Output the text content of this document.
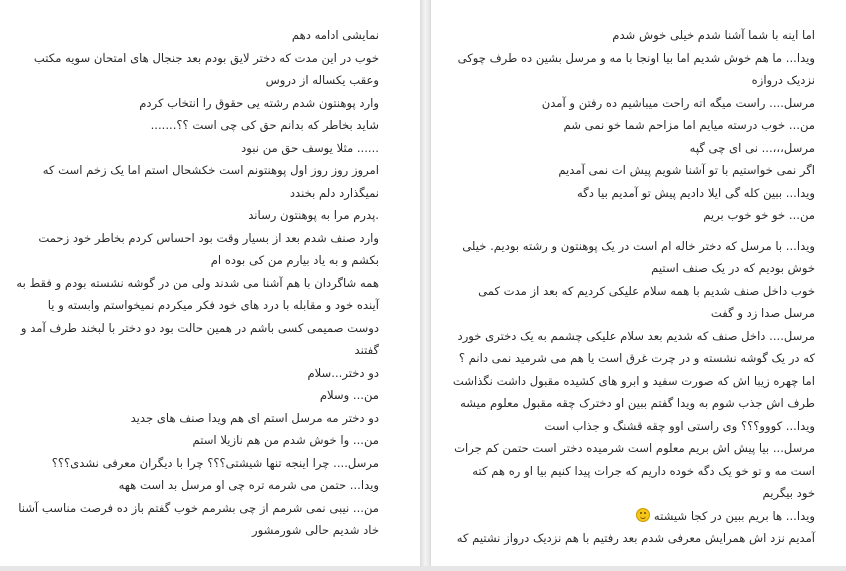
نمایشی ادامه دهم
خوب در این مدت که دختر لایق بودم بعد جنجال های امتحان سویه مکتب
وعقب یکساله از دروس
وارد پوهنتون شدم رشته یی حقوق را انتخاب کردم
شاید بخاطر که بدانم حق کی چی است ؟؟.......
...... مثلا یوسف حق من نبود
امروز روز روز اول پوهنتونم است خکشحال استم اما یک زخم است که
نمیگذارد دلم بخندد
.پدرم مرا به پوهنتون رساند
وارد صنف شدم بعد از بسیار وقت بود احساس کردم بخاطر خود زحمت
بکشم و به یاد بیارم من کی بوده ام
همه شاگردان با هم آشنا می شدند ولی من در گوشه نشسته بودم و فقط به
آینده خود و مقابله با درد های خود فکر میکردم نمیخواستم وابسته و یا
دوست صمیمی کسی باشم در همین حالت بود دو دختر با لبخند طرف آمد و
گفتند
دو دختر...سلام
من... وسلام
دو دختر مه مرسل استم ای هم ویدا صنف های جدید
من... وا خوش شدم من هم نازیلا استم
مرسل.... چرا اینجه تنها شیشتی؟؟؟ چرا با دیگران معرفی نشدی؟؟؟
ویدا... حتمن می شرمه تره چی او مرسل بد است ههه
من... نیبی نمی شرمم از چی بشرمم خوب گفتم باز ده فرصت مناسب آشنا
خاد شدیم حالی شورمشور
اما اینه با شما آشنا شدم خیلی خوش شدم
ویدا... ما هم خوش شدیم اما بیا اونجا با مه و مرسل بشین ده طرف چوکی
نزدیک دروازه
مرسل.... راست میگه اته راحت میباشیم ده رفتن و آمدن
من... خوب درسته میایم اما مزاحم شما خو نمی شم
مرسل،،،... نی ای چی گپه
اگر نمی خواستیم با تو آشنا شویم پیش ات نمی آمدیم
ویدا... ببین کله گی ایلا دادیم پیش تو آمدیم بیا دگه
من... خو خو خوب بریم
ویدا... با مرسل که دختر خاله ام است در یک پوهنتون و رشته بودیم. خیلی
خوش بودیم که در یک صنف استیم
خوب داخل صنف شدیم با همه سلام علیکی کردیم که بعد از مدت کمی
مرسل صدا زد و گفت
مرسل.... داخل صنف که شدیم بعد سلام علیکی چشمم به یک دختری خورد
که در یک گوشه نشسته و در چرت غرق است یا هم می شرمید نمی دانم ؟
اما چهره زیبا اش که صورت سفید و ابرو های کشیده مقبول داشت نگذاشت
طرف اش جذب شوم به ویدا گفتم ببین او دخترک چقه مقبول معلوم میشه
ویدا... کووو؟؟؟ وی راستی اوو چقه قشنگ و جذاب است
مرسل... بیا پیش اش بریم معلوم است شرمیده دختر است حتمن کم جرات
است مه و تو خو یک دگه خوده داریم که جرات پیدا کنیم بیا او ره هم کته
خود بیگریم
ویدا... ها بریم ببین در کجا شیشته
آمدیم نزد اش همرایش معرفی شدم بعد رفتیم با هم نزدیک درواز نشتیم که
